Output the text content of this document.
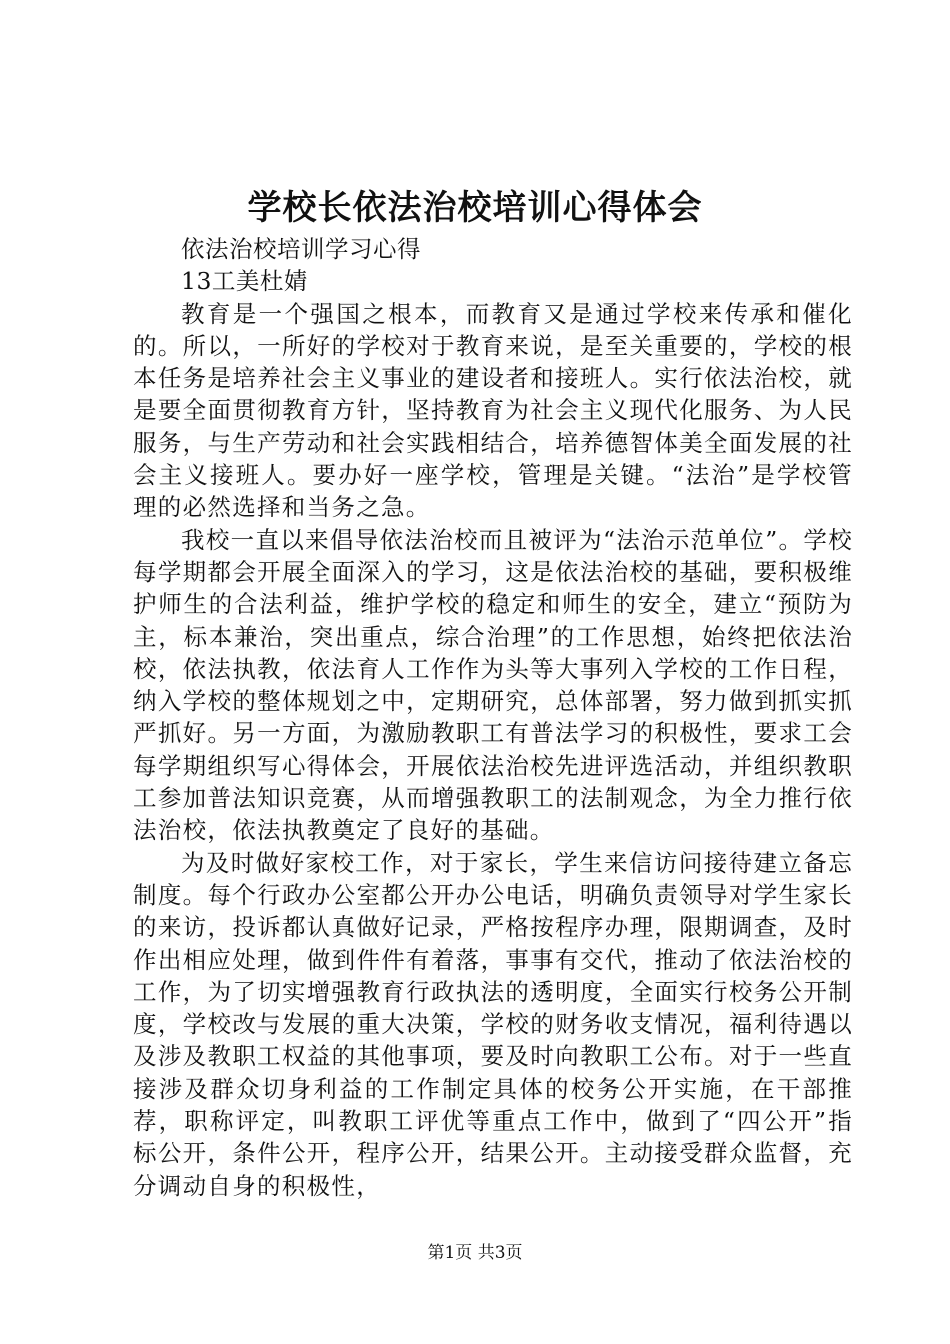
学校长依法治校培训心得体会

依法治校培训学习心得

13工美杜婧

教育是一个强国之根本，而教育又是通过学校来传承和催化的。所以，一所好的学校对于教育来说，是至关重要的，学校的根本任务是培养社会主义事业的建设者和接班人。实行依法治校，就是要全面贯彻教育方针，坚持教育为社会主义现代化服务、为人民服务，与生产劳动和社会实践相结合，培养德智体美全面发展的社会主义接班人。要办好一座学校，管理是关键。“法治”是学校管理的必然选择和当务之急。

我校一直以来倡导依法治校而且被评为“法治示范单位”。学校每学期都会开展全面深入的学习，这是依法治校的基础，要积极维护师生的合法利益，维护学校的稳定和师生的安全，建立“预防为主，标本兼治，突出重点，综合治理”的工作思想，始终把依法治校，依法执教，依法育人工作作为头等大事列入学校的工作日程，纳入学校的整体规划之中，定期研究，总体部署，努力做到抓实抓严抓好。另一方面，为激励教职工有普法学习的积极性，要求工会每学期组织写心得体会，开展依法治校先进评选活动，并组织教职工参加普法知识竞赛，从而增强教职工的法制观念，为全力推行依法治校，依法执教奠定了良好的基础。

为及时做好家校工作，对于家长，学生来信访问接待建立备忘制度。每个行政办公室都公开办公电话，明确负责领导对学生家长的来访，投诉都认真做好记录，严格按程序办理，限期调查，及时作出相应处理，做到件件有着落，事事有交代，推动了依法治校的工作，为了切实增强教育行政执法的透明度，全面实行校务公开制度，学校改与发展的重大决策，学校的财务收支情况，福利待遇以及涉及教职工权益的其他事项，要及时向教职工公布。对于一些直接涉及群众切身利益的工作制定具体的校务公开实施，在干部推荐，职称评定，叫教职工评优等重点工作中，做到了“四公开”指标公开，条件公开，程序公开，结果公开。主动接受群众监督，充分调动自身的积极性，

第1页 共3页
